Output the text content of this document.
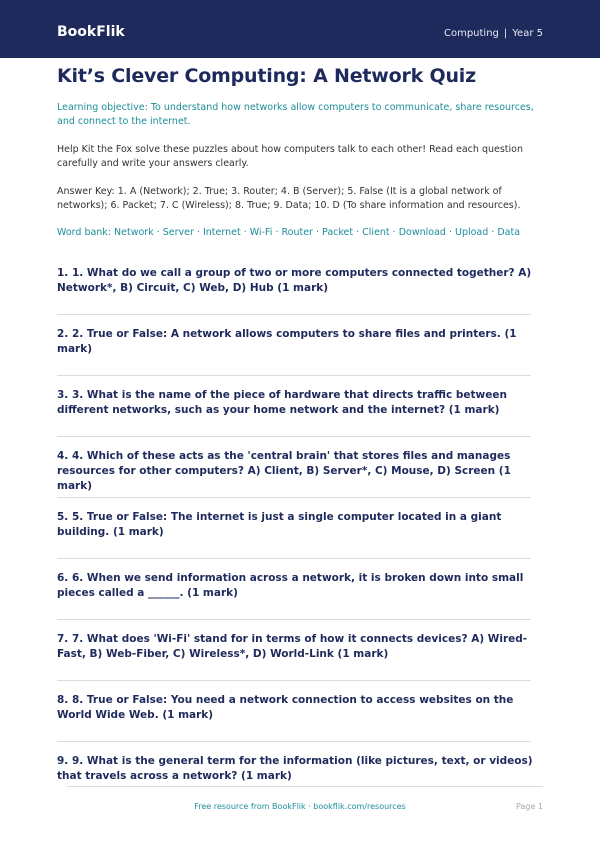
BookFlik	Computing | Year 5
Kit’s Clever Computing: A Network Quiz

Learning objective: To understand how networks allow computers to communicate, share resources, and connect to the internet.

Help Kit the Fox solve these puzzles about how computers talk to each other! Read each question carefully and write your answers clearly.

Answer Key: 1. A (Network); 2. True; 3. Router; 4. B (Server); 5. False (It is a global network of networks); 6. Packet; 7. C (Wireless); 8. True; 9. Data; 10. D (To share information and resources).

Word bank: Network · Server · Internet · Wi-Fi · Router · Packet · Client · Download · Upload · Data

1. 1. What do we call a group of two or more computers connected together? A) Network*, B) Circuit, C) Web, D) Hub (1 mark)

2. 2. True or False: A network allows computers to share files and printers. (1 mark)

3. 3. What is the name of the piece of hardware that directs traffic between different networks, such as your home network and the internet? (1 mark)

4. 4. Which of these acts as the 'central brain' that stores files and manages resources for other computers? A) Client, B) Server*, C) Mouse, D) Screen (1 mark)

5. 5. True or False: The internet is just a single computer located in a giant building. (1 mark)

6. 6. When we send information across a network, it is broken down into small pieces called a ______. (1 mark)

7. 7. What does 'Wi-Fi' stand for in terms of how it connects devices? A) Wired-Fast, B) Web-Fiber, C) Wireless*, D) World-Link (1 mark)

8. 8. True or False: You need a network connection to access websites on the World Wide Web. (1 mark)

9. 9. What is the general term for the information (like pictures, text, or videos) that travels across a network? (1 mark)

Free resource from BookFlik · bookflik.com/resources	Page 1
